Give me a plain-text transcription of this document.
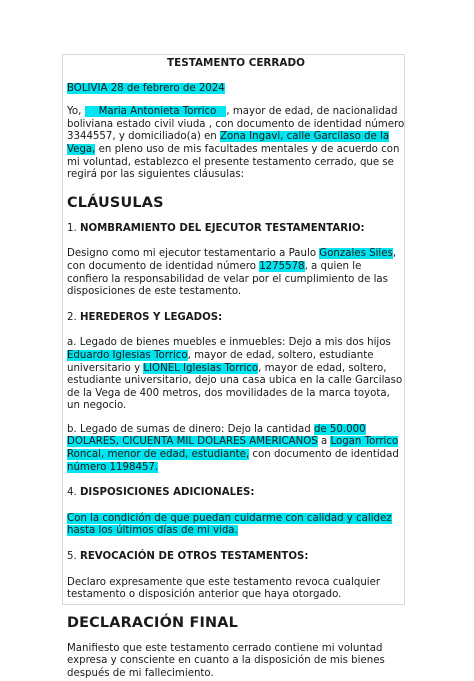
TESTAMENTO CERRADO

BOLIVIA 28 de febrero de 2024

Yo, Maria Antonieta Torrico , mayor de edad, de nacionalidad boliviana estado civil viuda , con documento de identidad número 3344557, y domiciliado(a) en Zona Ingavi, calle Garcilaso de la Vega, en pleno uso de mis facultades mentales y de acuerdo con mi voluntad, establezco el presente testamento cerrado, que se regirá por las siguientes cláusulas:

CLÁUSULAS

1. NOMBRAMIENTO DEL EJECUTOR TESTAMENTARIO:

Designo como mi ejecutor testamentario a Paulo Gonzales Siles, con documento de identidad número 1275578, a quien le confiero la responsabilidad de velar por el cumplimiento de las disposiciones de este testamento.

2. HEREDEROS Y LEGADOS:

a. Legado de bienes muebles e inmuebles: Dejo a mis dos hijos Eduardo Iglesias Torrico, mayor de edad, soltero, estudiante universitario y LIONEL Iglesias Torrico, mayor de edad, soltero, estudiante universitario, dejo una casa ubica en la calle Garcilaso de la Vega de 400 metros, dos movilidades de la marca toyota, un negocio.

b. Legado de sumas de dinero: Dejo la cantidad de 50.000 DOLARES, CICUENTA MIL DOLARES AMERICANOS a Logan Torrico Roncal, menor de edad, estudiante, con documento de identidad número 1198457.

4. DISPOSICIONES ADICIONALES:

Con la condición de que puedan cuidarme con calidad y calidez hasta los últimos días de mi vida.

5. REVOCACIÓN DE OTROS TESTAMENTOS:

Declaro expresamente que este testamento revoca cualquier testamento o disposición anterior que haya otorgado.

DECLARACIÓN FINAL

Manifiesto que este testamento cerrado contiene mi voluntad expresa y consciente en cuanto a la disposición de mis bienes después de mi fallecimiento.
